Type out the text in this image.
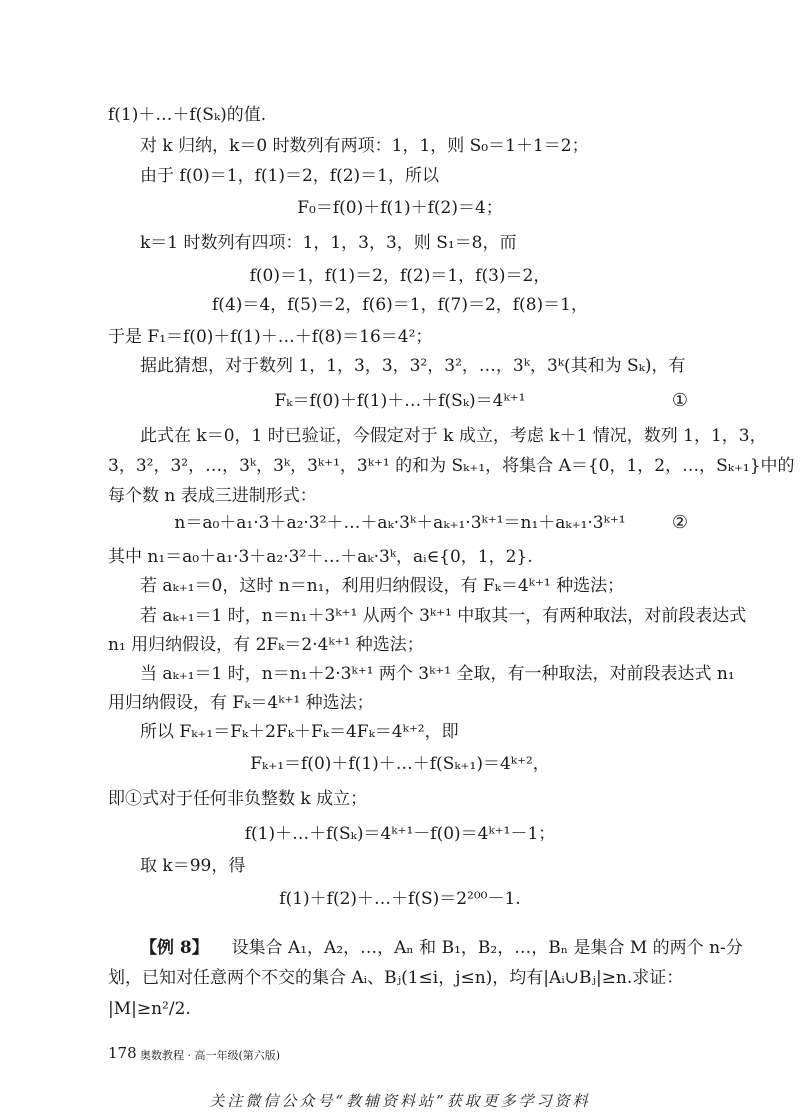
f(1)＋…＋f(Sₖ)的值.
对 k 归纳，k＝0 时数列有两项：1，1，则 S₀＝1＋1＝2；
由于 f(0)＝1，f(1)＝2，f(2)＝1，所以
F₀＝f(0)＋f(1)＋f(2)＝4；
k＝1 时数列有四项：1，1，3，3，则 S₁＝8，而
f(0)＝1，f(1)＝2，f(2)＝1，f(3)＝2，
f(4)＝4，f(5)＝2，f(6)＝1，f(7)＝2，f(8)＝1，
于是 F₁＝f(0)＋f(1)＋…＋f(8)＝16＝4²；
据此猜想，对于数列 1，1，3，3，3²，3²，…，3ᵏ，3ᵏ(其和为 Sₖ)，有
Fₖ＝f(0)＋f(1)＋…＋f(Sₖ)＝4ᵏ⁺¹	①
此式在 k＝0，1 时已验证，今假定对于 k 成立，考虑 k＋1 情况，数列 1，1，3，
3，3²，3²，…，3ᵏ，3ᵏ，3ᵏ⁺¹，3ᵏ⁺¹ 的和为 Sₖ₊₁，将集合 A＝{0，1，2，…，Sₖ₊₁}中的
每个数 n 表成三进制形式：
n＝a₀＋a₁·3＋a₂·3²＋…＋aₖ·3ᵏ＋aₖ₊₁·3ᵏ⁺¹＝n₁＋aₖ₊₁·3ᵏ⁺¹	②
其中 n₁＝a₀＋a₁·3＋a₂·3²＋…＋aₖ·3ᵏ，aᵢ∈{0，1，2}.
若 aₖ₊₁＝0，这时 n＝n₁，利用归纳假设，有 Fₖ＝4ᵏ⁺¹ 种选法；
若 aₖ₊₁＝1 时，n＝n₁＋3ᵏ⁺¹ 从两个 3ᵏ⁺¹ 中取其一，有两种取法，对前段表达式
n₁ 用归纳假设，有 2Fₖ＝2·4ᵏ⁺¹ 种选法；
当 aₖ₊₁＝1 时，n＝n₁＋2·3ᵏ⁺¹ 两个 3ᵏ⁺¹ 全取，有一种取法，对前段表达式 n₁
用归纳假设，有 Fₖ＝4ᵏ⁺¹ 种选法；
所以 Fₖ₊₁＝Fₖ＋2Fₖ＋Fₖ＝4Fₖ＝4ᵏ⁺²，即
Fₖ₊₁＝f(0)＋f(1)＋…＋f(Sₖ₊₁)＝4ᵏ⁺²，
即①式对于任何非负整数 k 成立；
f(1)＋…＋f(Sₖ)＝4ᵏ⁺¹－f(0)＝4ᵏ⁺¹－1；
取 k＝99，得
f(1)＋f(2)＋…＋f(S)＝2²⁰⁰－1.
【例 8】 设集合 A₁，A₂，…，Aₙ 和 B₁，B₂，…，Bₙ 是集合 M 的两个 n-分
划，已知对任意两个不交的集合 Aᵢ、Bⱼ(1≤i，j≤n)，均有|Aᵢ∪Bⱼ|≥n.求证：
|M|≥n²/2.
178 奥数教程 · 高一年级(第六版)
关注微信公众号“教辅资料站”获取更多学习资料
